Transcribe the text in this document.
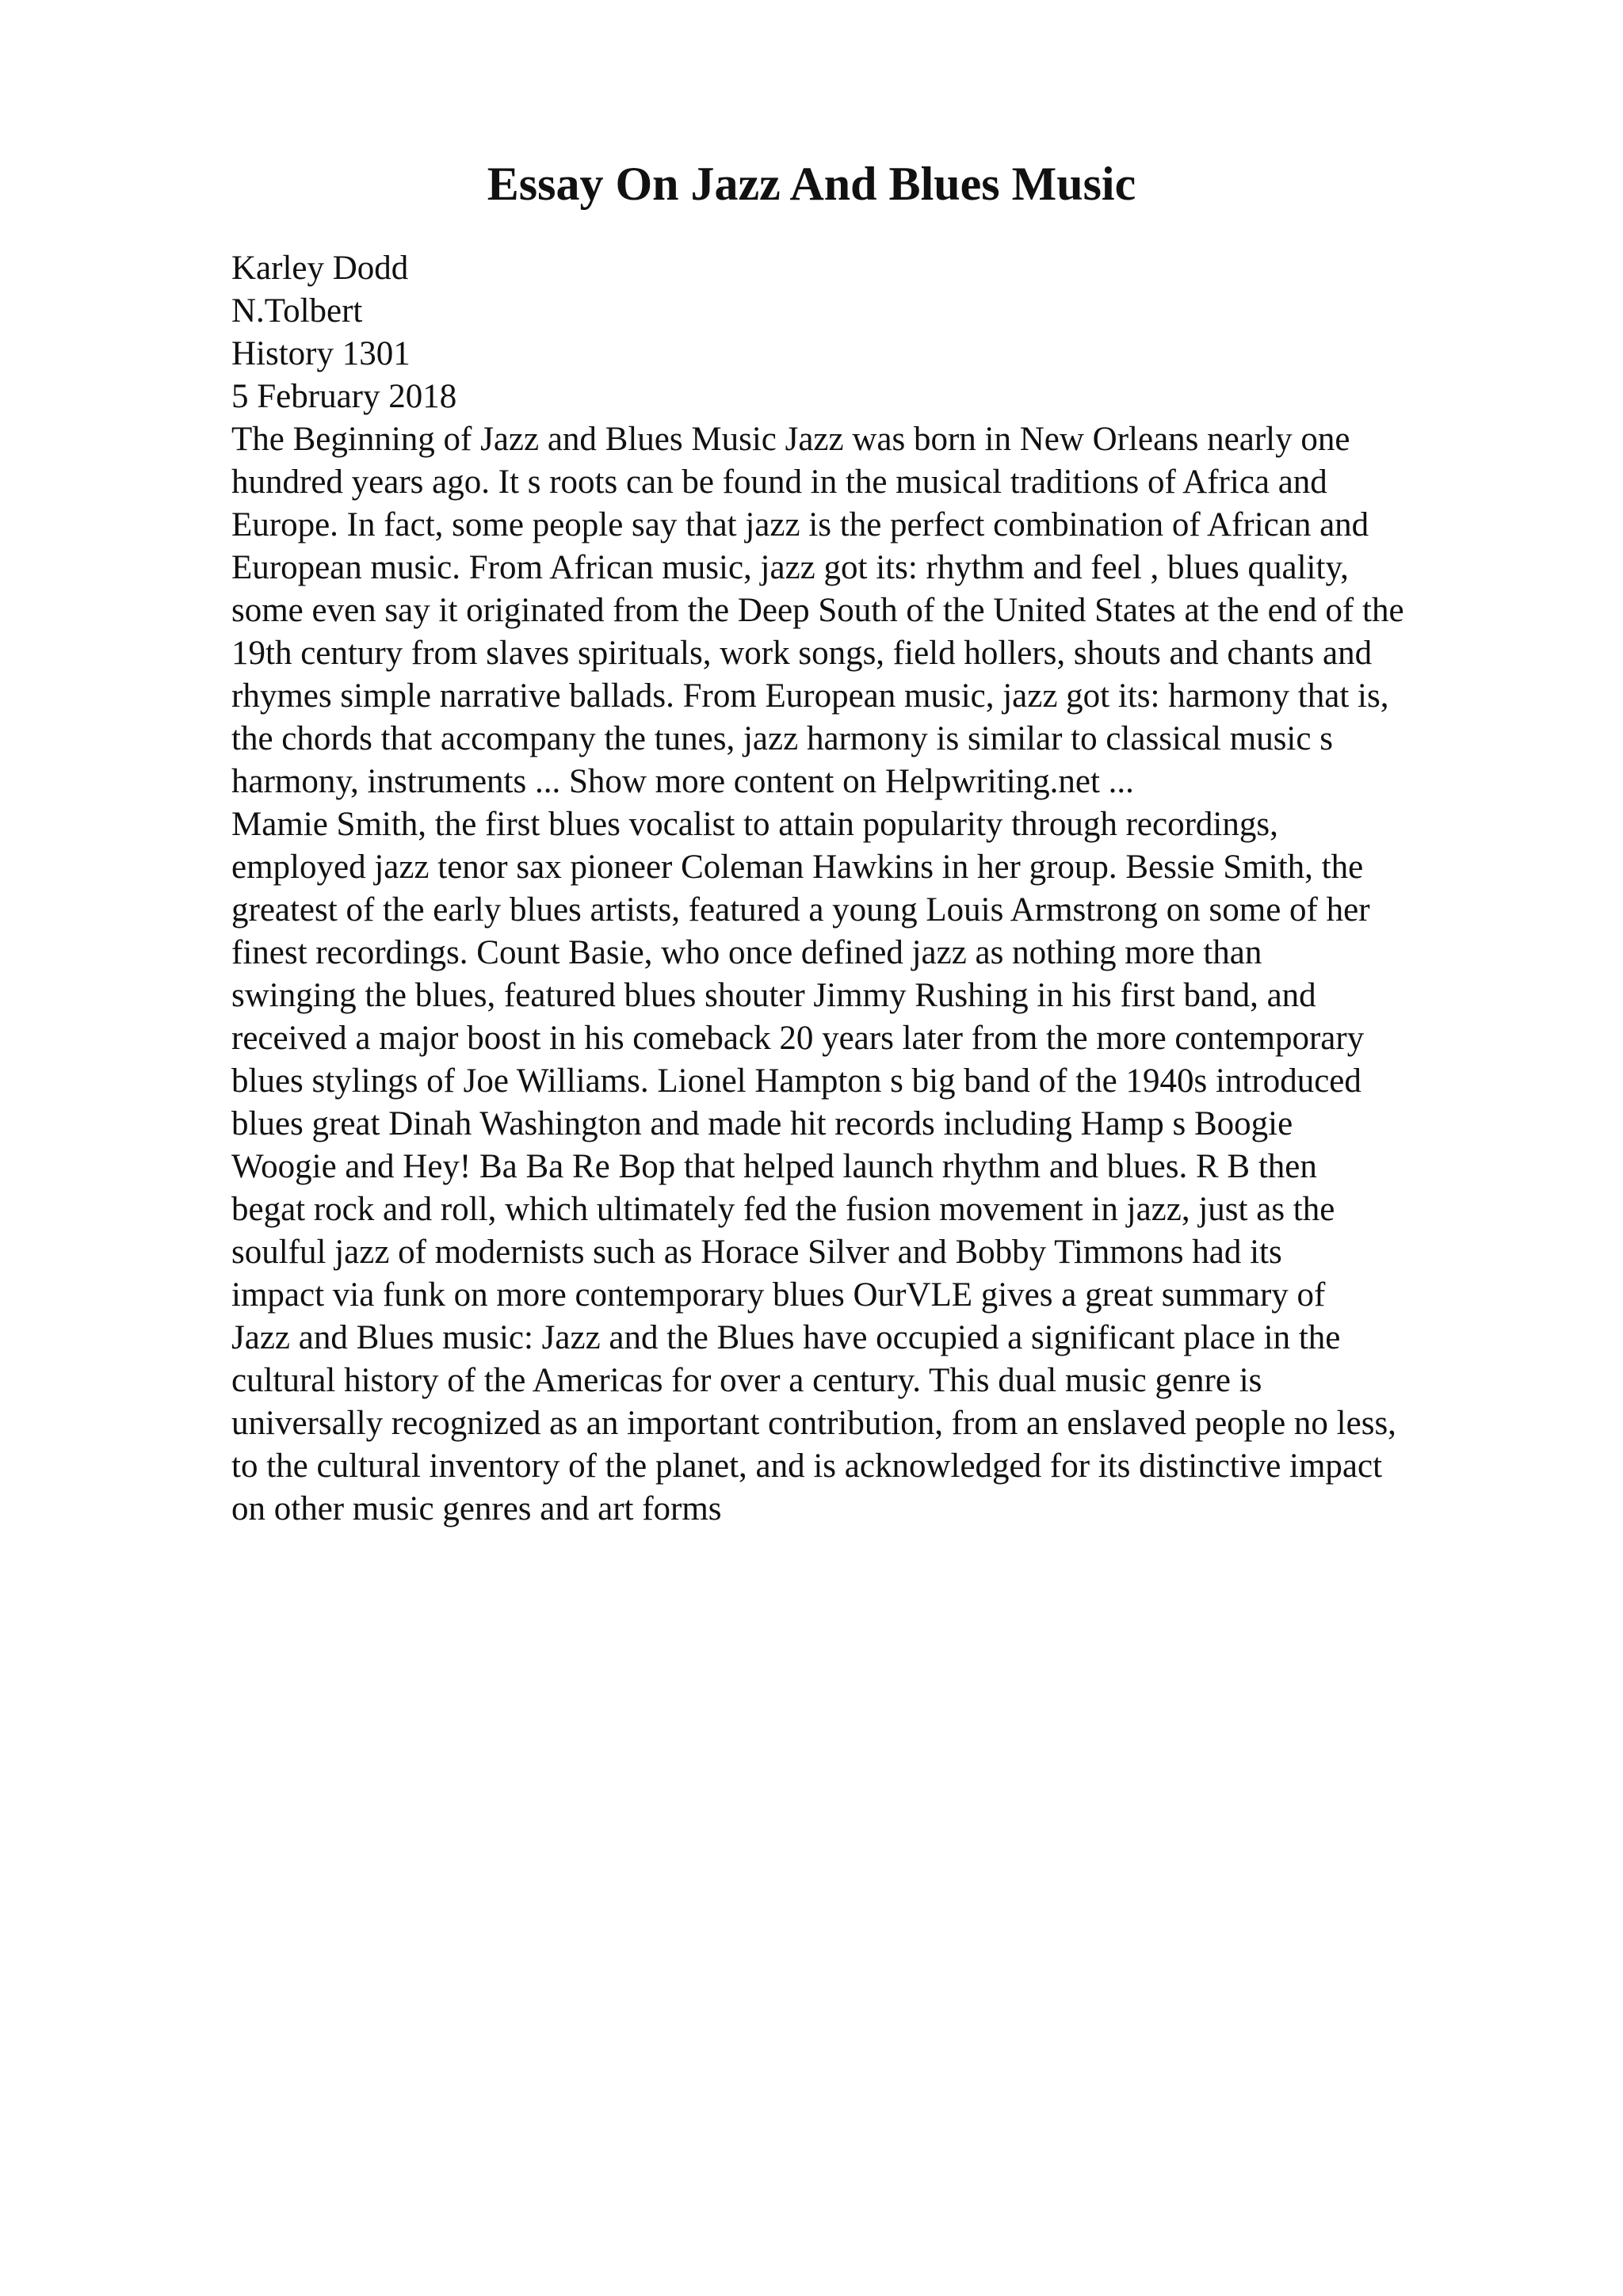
Essay On Jazz And Blues Music
Karley Dodd
N.Tolbert
History 1301
5 February 2018
The Beginning of Jazz and Blues Music Jazz was born in New Orleans nearly one
hundred years ago. It s roots can be found in the musical traditions of Africa and
Europe. In fact, some people say that jazz is the perfect combination of African and
European music. From African music, jazz got its: rhythm and feel , blues quality,
some even say it originated from the Deep South of the United States at the end of the
19th century from slaves spirituals, work songs, field hollers, shouts and chants and
rhymes simple narrative ballads. From European music, jazz got its: harmony that is,
the chords that accompany the tunes, jazz harmony is similar to classical music s
harmony, instruments ... Show more content on Helpwriting.net ...
Mamie Smith, the first blues vocalist to attain popularity through recordings,
employed jazz tenor sax pioneer Coleman Hawkins in her group. Bessie Smith, the
greatest of the early blues artists, featured a young Louis Armstrong on some of her
finest recordings. Count Basie, who once defined jazz as nothing more than
swinging the blues, featured blues shouter Jimmy Rushing in his first band, and
received a major boost in his comeback 20 years later from the more contemporary
blues stylings of Joe Williams. Lionel Hampton s big band of the 1940s introduced
blues great Dinah Washington and made hit records including Hamp s Boogie
Woogie and Hey! Ba Ba Re Bop that helped launch rhythm and blues. R B then
begat rock and roll, which ultimately fed the fusion movement in jazz, just as the
soulful jazz of modernists such as Horace Silver and Bobby Timmons had its
impact via funk on more contemporary blues OurVLE gives a great summary of
Jazz and Blues music: Jazz and the Blues have occupied a significant place in the
cultural history of the Americas for over a century. This dual music genre is
universally recognized as an important contribution, from an enslaved people no less,
to the cultural inventory of the planet, and is acknowledged for its distinctive impact
on other music genres and art forms
